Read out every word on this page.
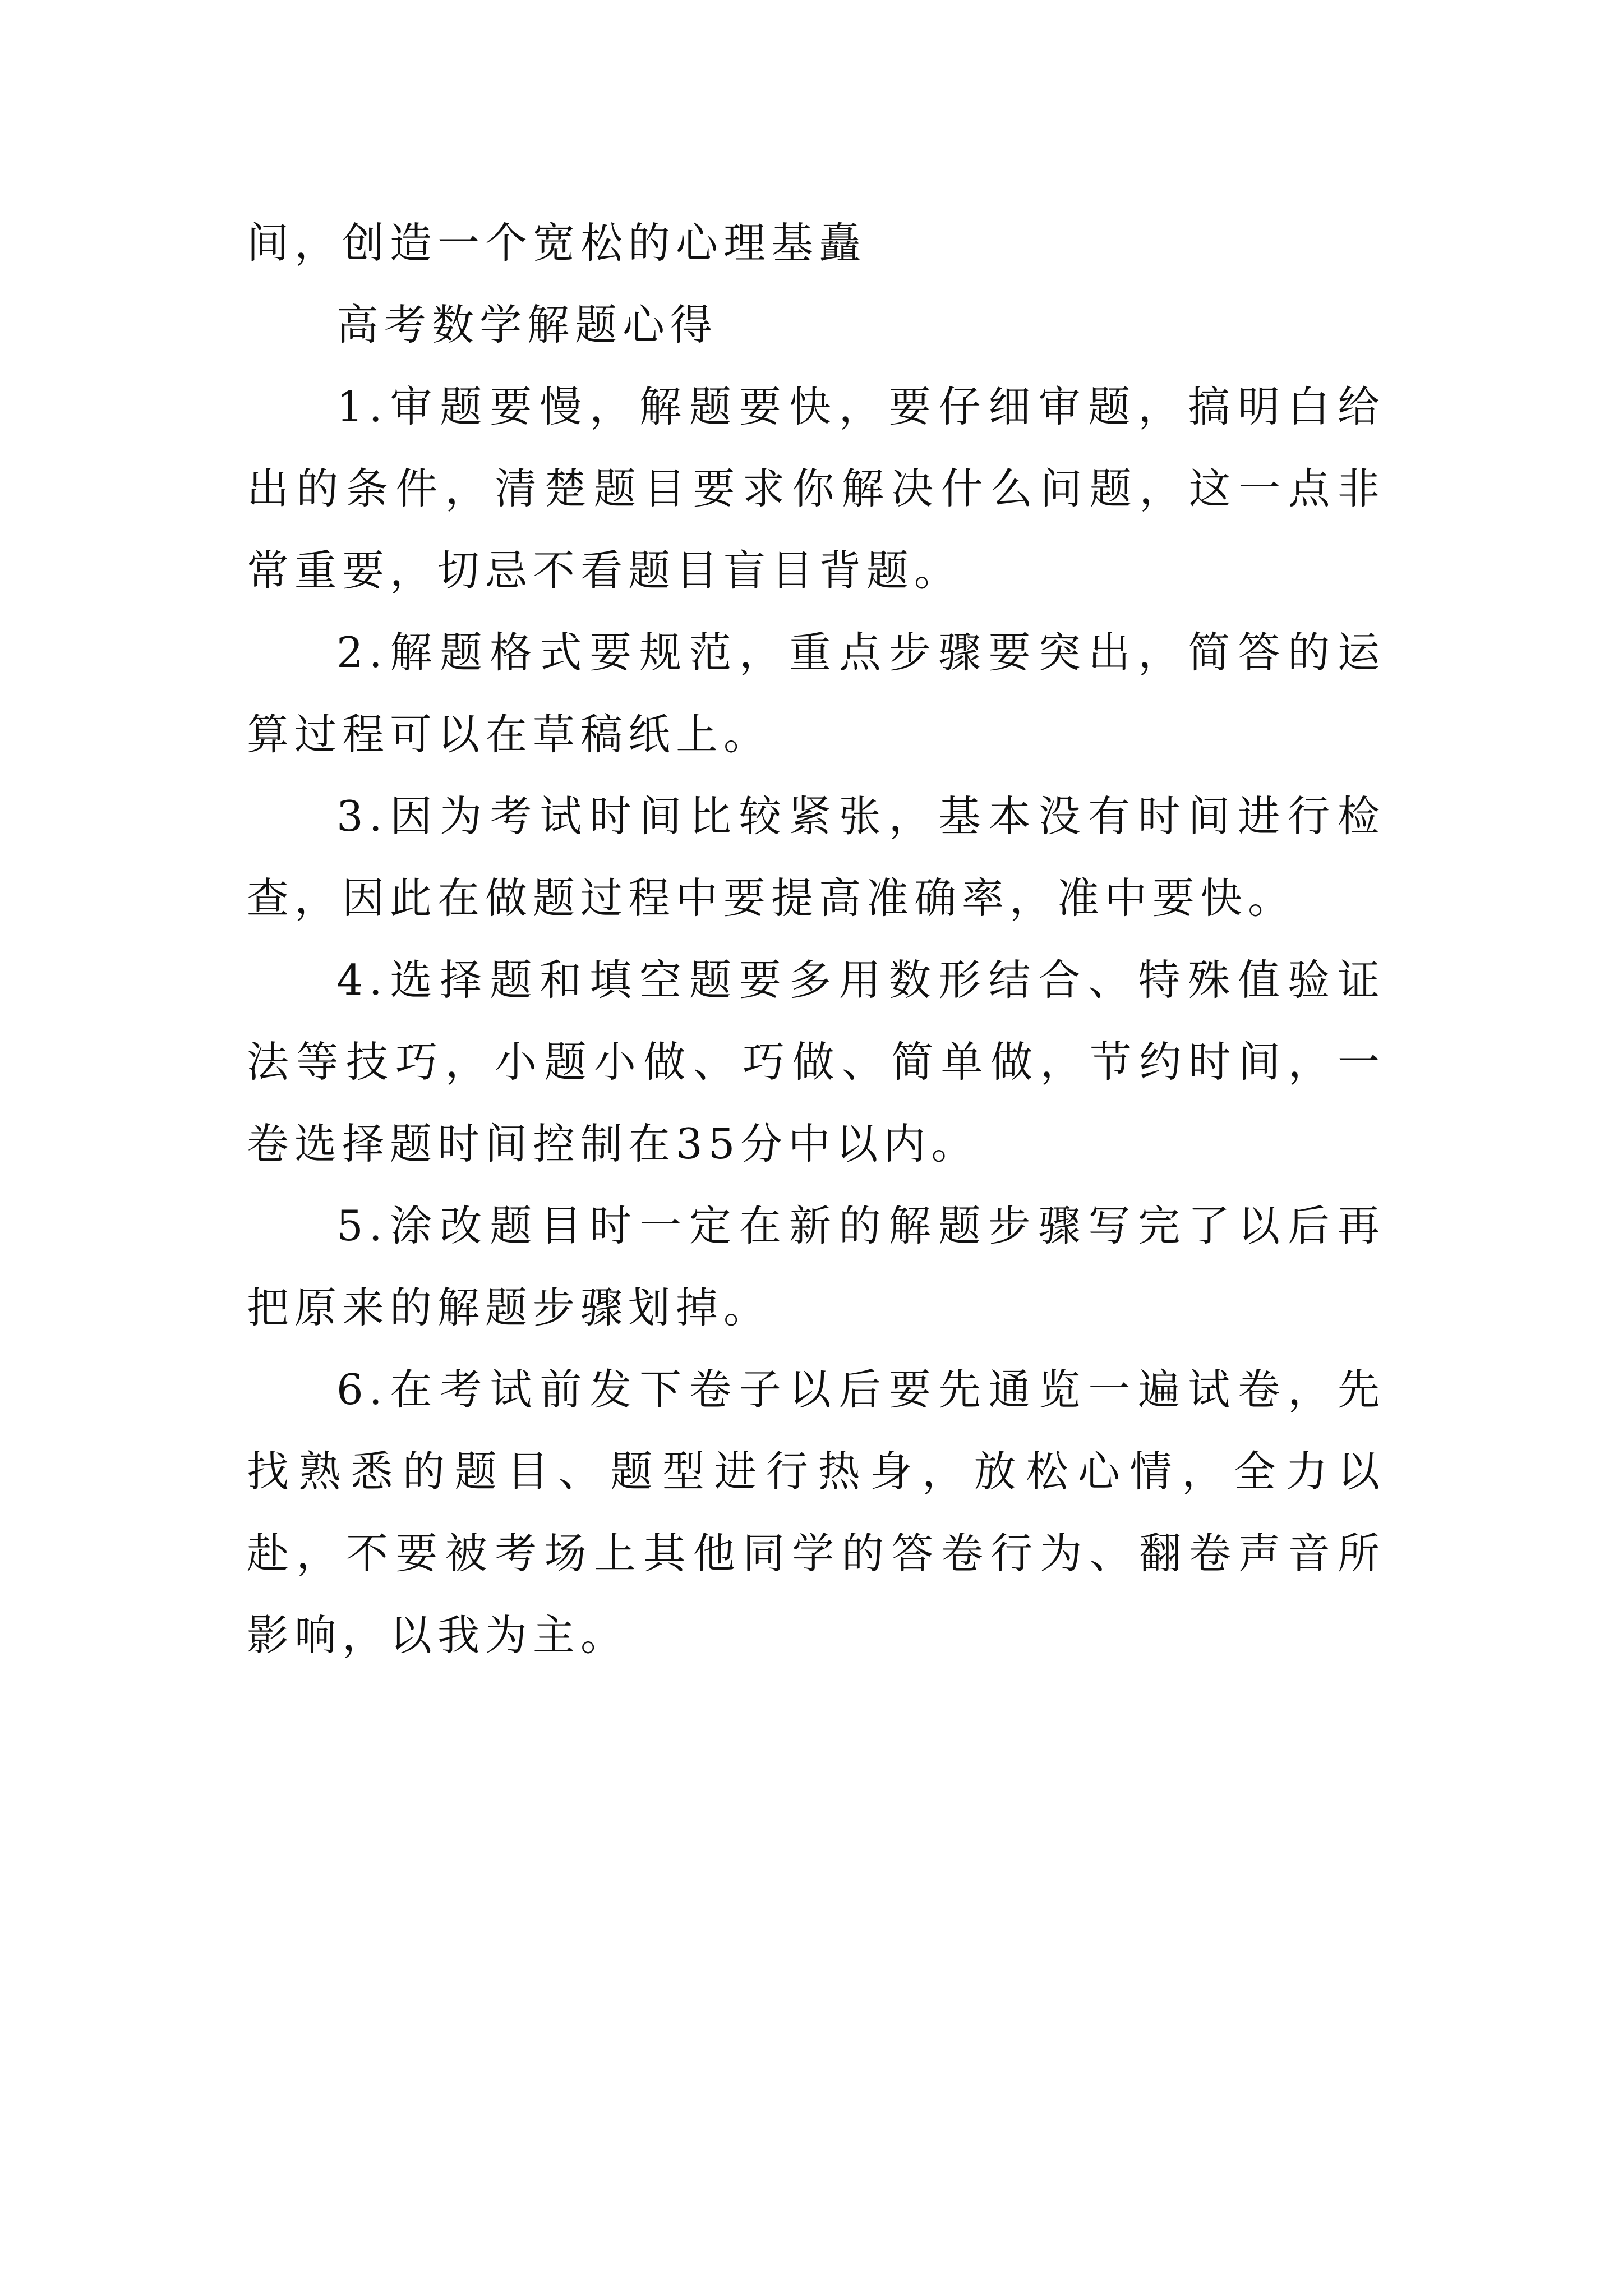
间，创造一个宽松的心理基矗

高考数学解题心得

1.审题要慢，解题要快，要仔细审题，搞明白给出的条件，清楚题目要求你解决什么问题，这一点非常重要，切忌不看题目盲目背题。

2.解题格式要规范，重点步骤要突出，简答的运算过程可以在草稿纸上。

3.因为考试时间比较紧张，基本没有时间进行检查，因此在做题过程中要提高准确率，准中要快。

4.选择题和填空题要多用数形结合、特殊值验证法等技巧，小题小做、巧做、简单做，节约时间，一卷选择题时间控制在35分中以内。

5.涂改题目时一定在新的解题步骤写完了以后再把原来的解题步骤划掉。

6.在考试前发下卷子以后要先通览一遍试卷，先找熟悉的题目、题型进行热身，放松心情，全力以赴，不要被考场上其他同学的答卷行为、翻卷声音所影响，以我为主。
